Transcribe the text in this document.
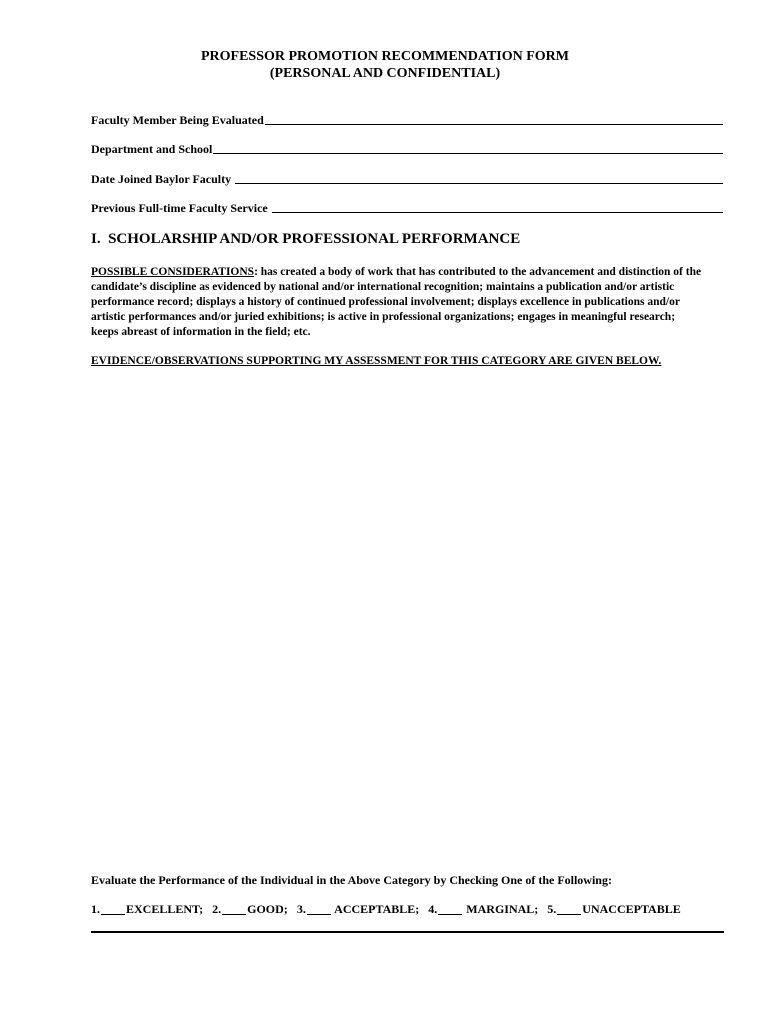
PROFESSOR PROMOTION RECOMMENDATION FORM
(PERSONAL AND CONFIDENTIAL)
Faculty Member Being Evaluated
Department and School
Date Joined Baylor Faculty
Previous Full-time Faculty Service
I.  SCHOLARSHIP AND/OR PROFESSIONAL PERFORMANCE
POSSIBLE CONSIDERATIONS: has created a body of work that has contributed to the advancement and distinction of the candidate’s discipline as evidenced by national and/or international recognition; maintains a publication and/or artistic performance record; displays a history of continued professional involvement; displays excellence in publications and/or artistic performances and/or juried exhibitions; is active in professional organizations; engages in meaningful research; keeps abreast of information in the field; etc.
EVIDENCE/OBSERVATIONS SUPPORTING MY ASSESSMENT FOR THIS CATEGORY ARE GIVEN BELOW.
Evaluate the Performance of the Individual in the Above Category by Checking One of the Following:
1. EXCELLENT; 2. GOOD; 3. ACCEPTABLE; 4. MARGINAL; 5. UNACCEPTABLE
